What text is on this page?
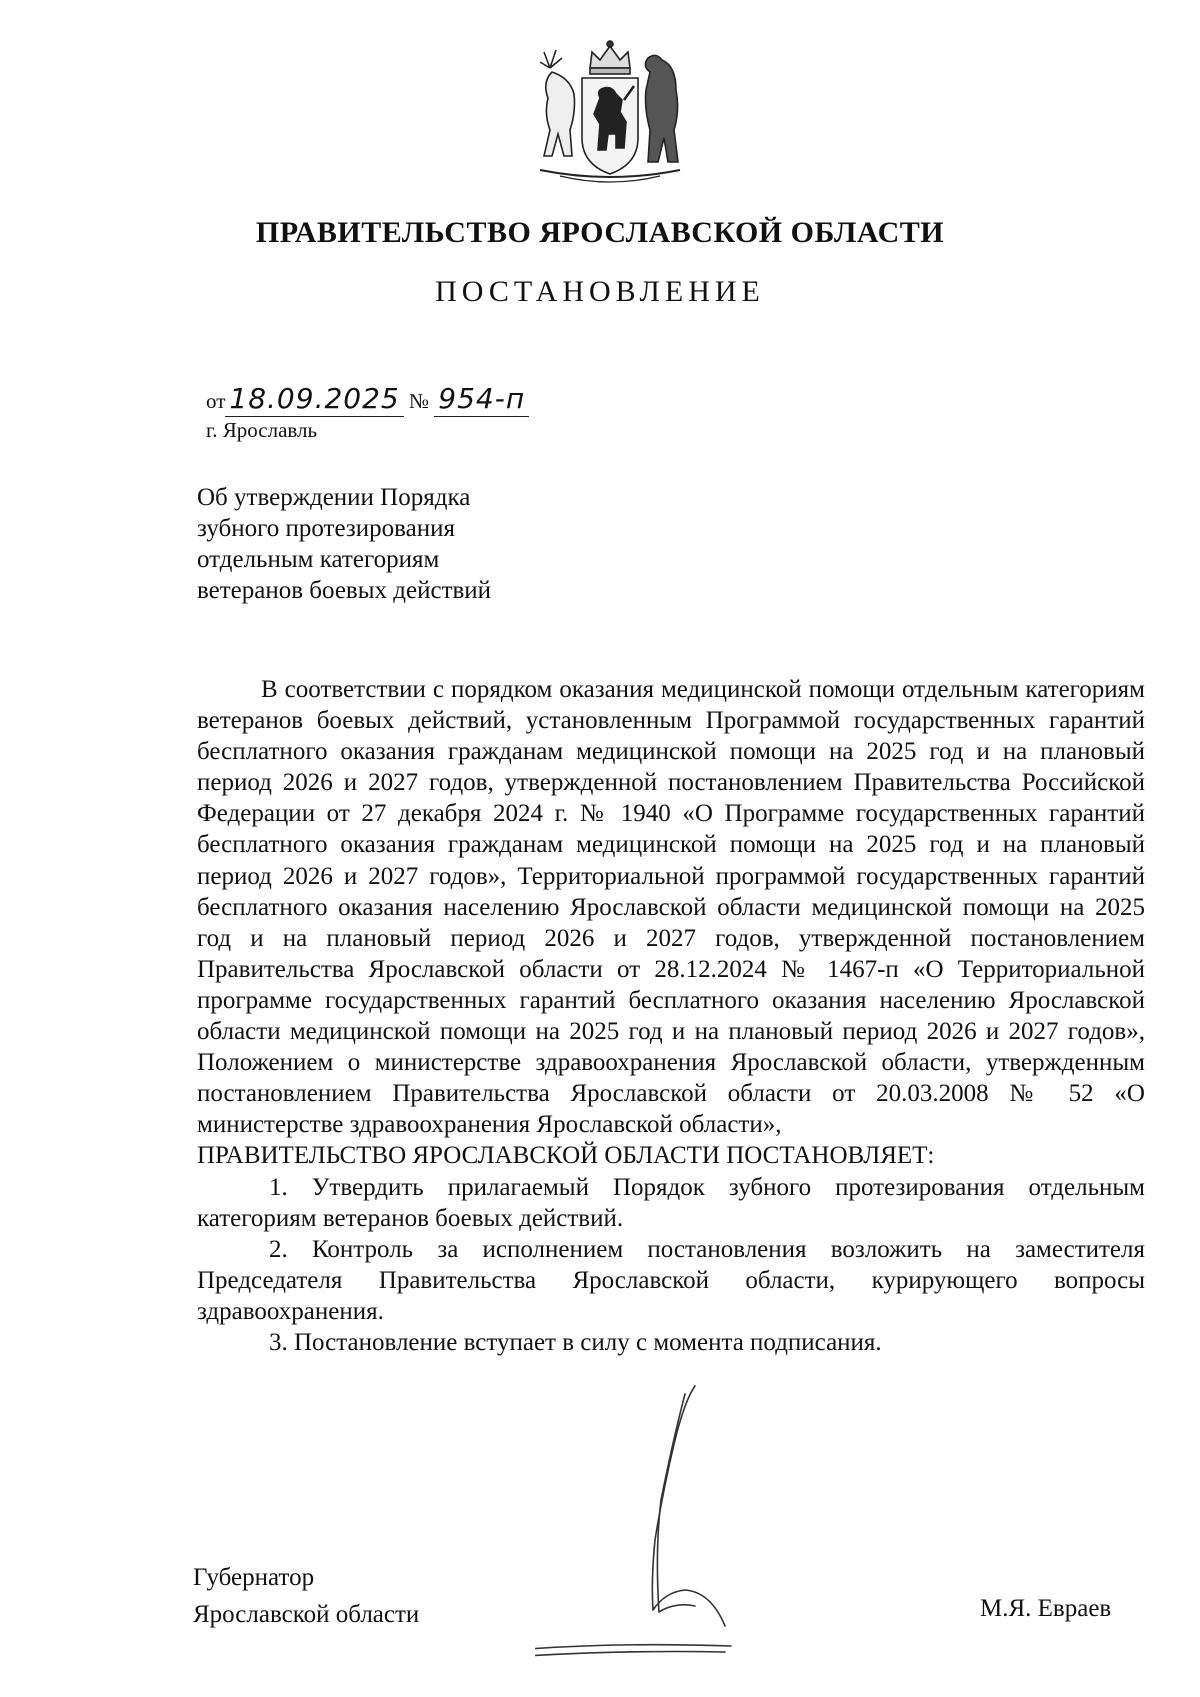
ПРАВИТЕЛЬСТВО ЯРОСЛАВСКОЙ ОБЛАСТИ
ПОСТАНОВЛЕНИЕ
от 18.09.2025 № 954-п
г. Ярославль
Об утверждении Порядка
зубного протезирования
отдельным категориям
ветеранов боевых действий

В соответствии с порядком оказания медицинской помощи отдельным категориям ветеранов боевых действий, установленным Программой государственных гарантий бесплатного оказания гражданам медицинской помощи на 2025 год и на плановый период 2026 и 2027 годов, утвержденной постановлением Правительства Российской Федерации от 27 декабря 2024 г. № 1940 «О Программе государственных гарантий бесплатного оказания гражданам медицинской помощи на 2025 год и на плановый период 2026 и 2027 годов», Территориальной программой государственных гарантий бесплатного оказания населению Ярославской области медицинской помощи на 2025 год и на плановый период 2026 и 2027 годов, утвержденной постановлением Правительства Ярославской области от 28.12.2024 № 1467-п «О Территориальной программе государственных гарантий бесплатного оказания населению Ярославской области медицинской помощи на 2025 год и на плановый период 2026 и 2027 годов», Положением о министерстве здравоохранения Ярославской области, утвержденным постановлением Правительства Ярославской области от 20.03.2008 № 52 «О министерстве здравоохранения Ярославской области»,

ПРАВИТЕЛЬСТВО ЯРОСЛАВСКОЙ ОБЛАСТИ ПОСТАНОВЛЯЕТ:

1. Утвердить прилагаемый Порядок зубного протезирования отдельным категориям ветеранов боевых действий.

2. Контроль за исполнением постановления возложить на заместителя Председателя Правительства Ярославской области, курирующего вопросы здравоохранения.

3. Постановление вступает в силу с момента подписания.

Губернатор
Ярославской области	М.Я. Евраев
